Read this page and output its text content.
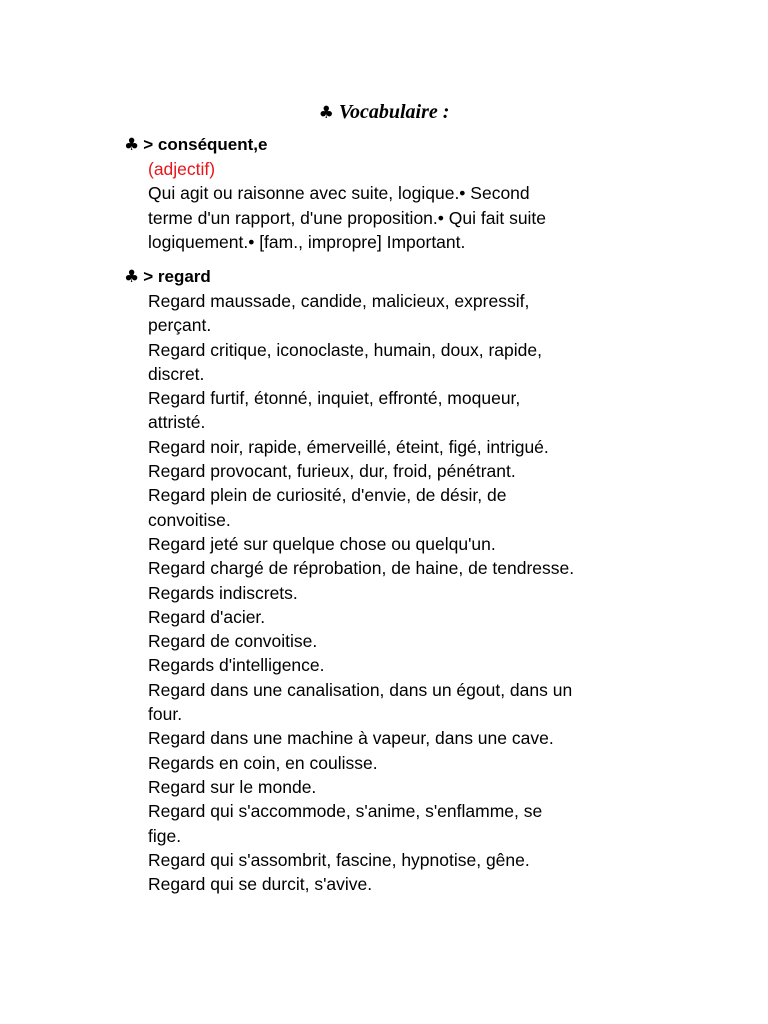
♣ Vocabulaire :

♣ > conséquent,e

(adjectif)
Qui agit ou raisonne avec suite, logique.• Second
terme d'un rapport, d'une proposition.• Qui fait suite
logiquement.• [fam., impropre] Important.

♣ > regard

Regard maussade, candide, malicieux, expressif,
perçant.
Regard critique, iconoclaste, humain, doux, rapide,
discret.
Regard furtif, étonné, inquiet, effronté, moqueur,
attristé.
Regard noir, rapide, émerveillé, éteint, figé, intrigué.
Regard provocant, furieux, dur, froid, pénétrant.
Regard plein de curiosité, d'envie, de désir, de
convoitise.
Regard jeté sur quelque chose ou quelqu'un.
Regard chargé de réprobation, de haine, de tendresse.
Regards indiscrets.
Regard d'acier.
Regard de convoitise.
Regards d'intelligence.
Regard dans une canalisation, dans un égout, dans un
four.
Regard dans une machine à vapeur, dans une cave.
Regards en coin, en coulisse.
Regard sur le monde.
Regard qui s'accommode, s'anime, s'enflamme, se
fige.
Regard qui s'assombrit, fascine, hypnotise, gêne.
Regard qui se durcit, s'avive.
